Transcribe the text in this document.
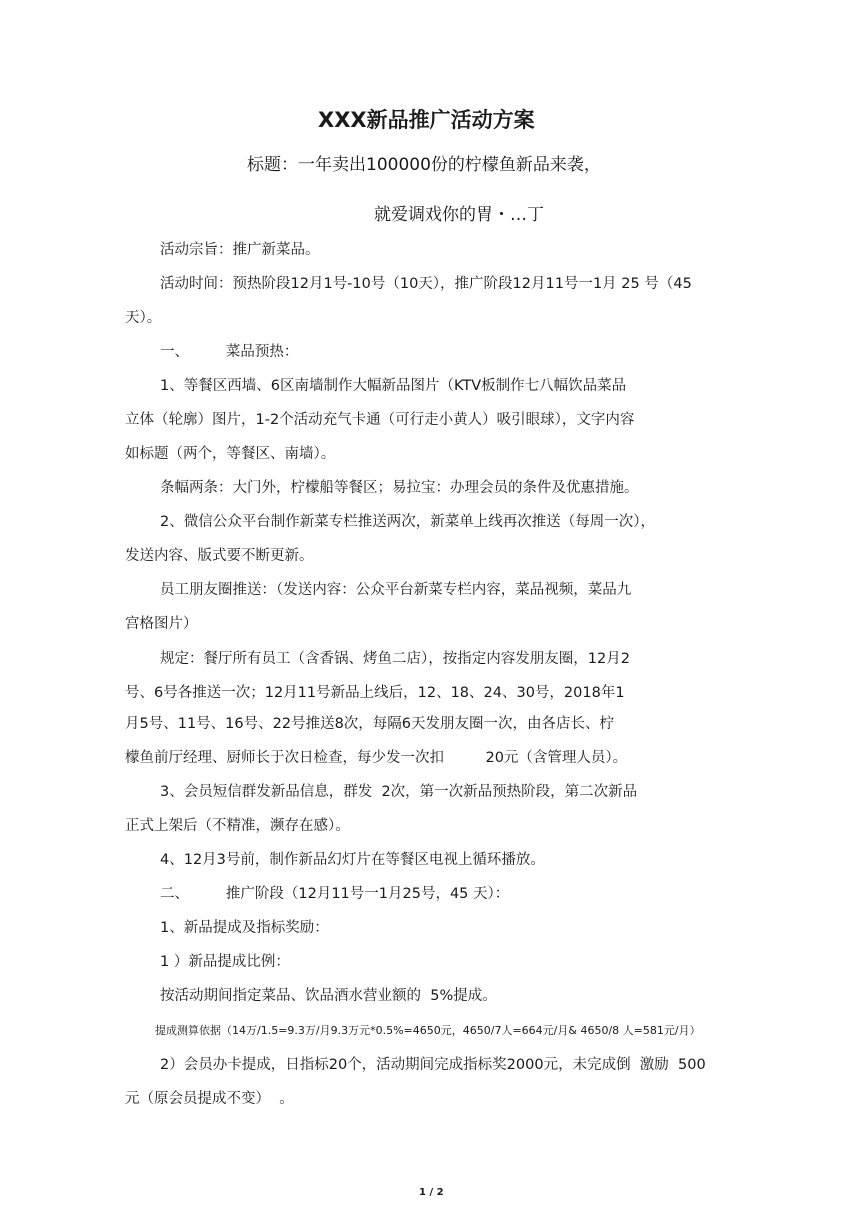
XXX新品推广活动方案
标题：一年卖出100000份的柠檬鱼新品来袭，
就爱调戏你的胃・…丁
活动宗旨：推广新菜品。
活动时间：预热阶段12月1号-10号（10天），推广阶段12月11号一1月 25 号（45
天）。
一、        菜品预热：
1、等餐区西墙、6区南墙制作大幅新品图片（KTV板制作七八幅饮品菜品
立体（轮廓）图片，1-2个活动充气卡通（可行走小黄人）吸引眼球），文字内容
如标题（两个，等餐区、南墙）。
条幅两条：大门外，柠檬船等餐区；易拉宝：办理会员的条件及优惠措施。
2、微信公众平台制作新菜专栏推送两次，新菜单上线再次推送（每周一次），
发送内容、版式要不断更新。
员工朋友圈推送：（发送内容：公众平台新菜专栏内容，菜品视频，菜品九
宫格图片）
规定：餐厅所有员工（含香锅、烤鱼二店），按指定内容发朋友圈，12月2
号、6号各推送一次；12月11号新品上线后，12、18、24、30号，2018年1
月5号、11号、16号、22号推送8次，每隔6天发朋友圈一次，由各店长、柠
檬鱼前厅经理、厨师长于次日检查，每少发一次扣         20元（含管理人员）。
3、会员短信群发新品信息，群发  2次，第一次新品预热阶段，第二次新品
正式上架后（不精准，濒存在感）。
4、12月3号前，制作新品幻灯片在等餐区电视上循环播放。
二、        推广阶段（12月11号一1月25号，45 天）：
1、新品提成及指标奖励：
1 ）新品提成比例：
按活动期间指定菜品、饮品酒水营业额的  5%提成。
提成测算依据（14万/1.5=9.3万/月9.3万元*0.5%=4650元，4650/7人=664元/月& 4650/8 人=581元/月）
2）会员办卡提成，日指标20个，活动期间完成指标奖2000元，未完成倒  激励  500
元（原会员提成不变）  。
1 / 2
